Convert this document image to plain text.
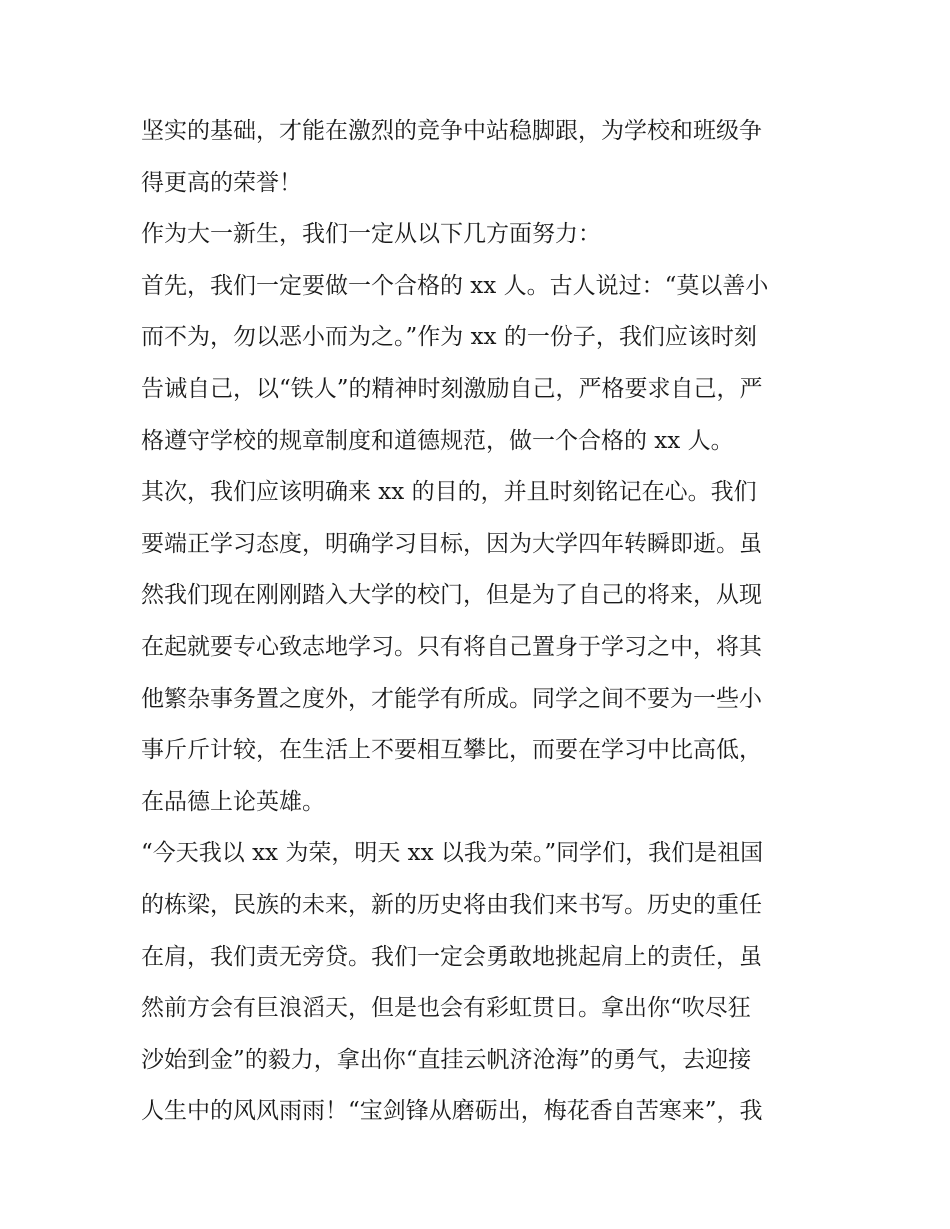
坚实的基础，才能在激烈的竞争中站稳脚跟，为学校和班级争
得更高的荣誉！
作为大一新生，我们一定从以下几方面努力：
首先，我们一定要做一个合格的 xx 人。古人说过：“莫以善小
而不为，勿以恶小而为之。”作为 xx 的一份子，我们应该时刻
告诫自己，以“铁人”的精神时刻激励自己，严格要求自己，严
格遵守学校的规章制度和道德规范，做一个合格的 xx 人。
其次，我们应该明确来 xx 的目的，并且时刻铭记在心。我们
要端正学习态度，明确学习目标，因为大学四年转瞬即逝。虽
然我们现在刚刚踏入大学的校门，但是为了自己的将来，从现
在起就要专心致志地学习。只有将自己置身于学习之中，将其
他繁杂事务置之度外，才能学有所成。同学之间不要为一些小
事斤斤计较，在生活上不要相互攀比，而要在学习中比高低，
在品德上论英雄。
“今天我以 xx 为荣，明天 xx 以我为荣。”同学们，我们是祖国
的栋梁，民族的未来，新的历史将由我们来书写。历史的重任
在肩，我们责无旁贷。我们一定会勇敢地挑起肩上的责任，虽
然前方会有巨浪滔天，但是也会有彩虹贯日。拿出你“吹尽狂
沙始到金”的毅力，拿出你“直挂云帆济沧海”的勇气，去迎接
人生中的风风雨雨！“宝剑锋从磨砺出，梅花香自苦寒来”，我
